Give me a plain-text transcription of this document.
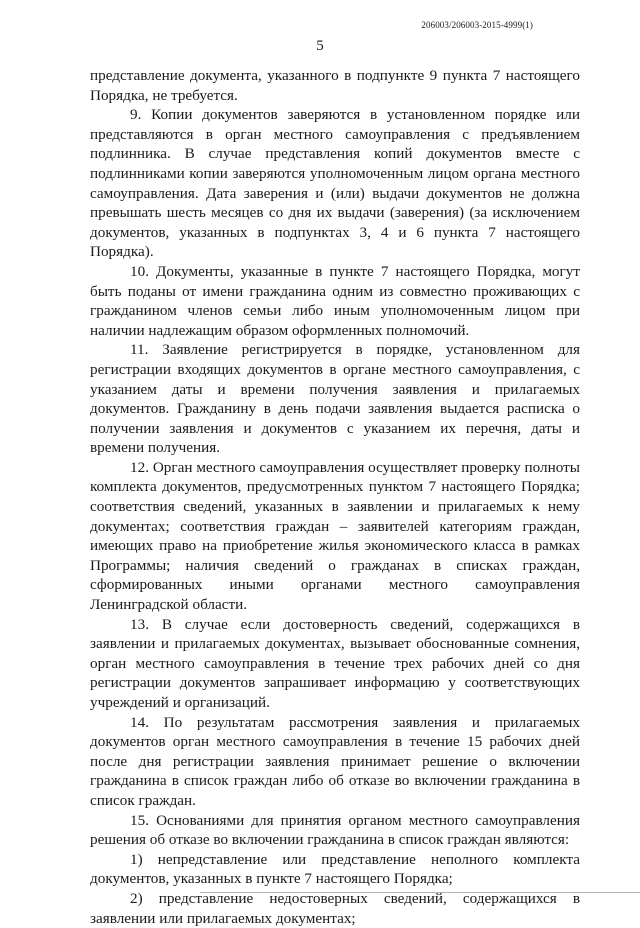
206003/206003-2015-4999(1)
5

представление документа, указанного в подпункте 9 пункта 7 настоящего Порядка, не требуется.

9. Копии документов заверяются в установленном порядке или представляются в орган местного самоуправления с предъявлением подлинника. В случае представления копий документов вместе с подлинниками копии заверяются уполномоченным лицом органа местного самоуправления. Дата заверения и (или) выдачи документов не должна превышать шесть месяцев со дня их выдачи (заверения) (за исключением документов, указанных в подпунктах 3, 4 и 6 пункта 7 настоящего Порядка).

10. Документы, указанные в пункте 7 настоящего Порядка, могут быть поданы от имени гражданина одним из совместно проживающих с гражданином членов семьи либо иным уполномоченным лицом при наличии надлежащим образом оформленных полномочий.

11. Заявление регистрируется в порядке, установленном для регистрации входящих документов в органе местного самоуправления, с указанием даты и времени получения заявления и прилагаемых документов. Гражданину в день подачи заявления выдается расписка о получении заявления и документов с указанием их перечня, даты и времени получения.

12. Орган местного самоуправления осуществляет проверку полноты комплекта документов, предусмотренных пунктом 7 настоящего Порядка; соответствия сведений, указанных в заявлении и прилагаемых к нему документах; соответствия граждан – заявителей категориям граждан, имеющих право на приобретение жилья экономического класса в рамках Программы; наличия сведений о гражданах в списках граждан, сформированных иными органами местного самоуправления Ленинградской области.

13. В случае если достоверность сведений, содержащихся в заявлении и прилагаемых документах, вызывает обоснованные сомнения, орган местного самоуправления в течение трех рабочих дней со дня регистрации документов запрашивает информацию у соответствующих учреждений и организаций.

14. По результатам рассмотрения заявления и прилагаемых документов орган местного самоуправления в течение 15 рабочих дней после дня регистрации заявления принимает решение о включении гражданина в список граждан либо об отказе во включении гражданина в список граждан.

15. Основаниями для принятия органом местного самоуправления решения об отказе во включении гражданина в список граждан являются:

1) непредставление или представление неполного комплекта документов, указанных в пункте 7 настоящего Порядка;

2) представление недостоверных сведений, содержащихся в заявлении или прилагаемых документах;
